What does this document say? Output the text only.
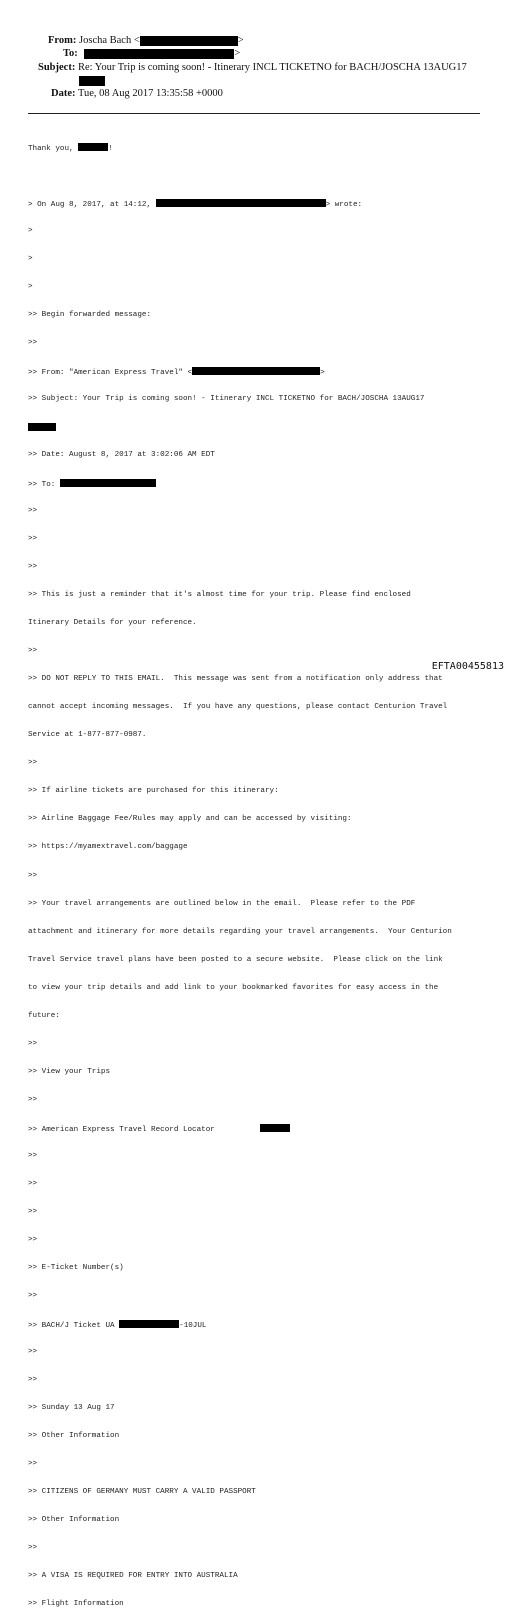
From: Joscha Bach <	>
To:	>
Subject: Re: Your Trip is coming soon! - Itinerary INCL TICKETNO for BACH/JOSCHA 13AUG17
Date: Tue, 08 Aug 2017 13:35:58 +0000

Thank you,	!

> On Aug 8, 2017, at 14:12,	> wrote:

>

>

>

>> Begin forwarded message:

>>

>> From: "American Express Travel" <	>

>> Subject: Your Trip is coming soon! - Itinerary INCL TICKETNO for BACH/JOSCHA 13AUG17

>> Date: August 8, 2017 at 3:02:06 AM EDT

>> To:

>>

>>

>>

>> This is just a reminder that it's almost time for your trip. Please find enclosed

Itinerary Details for your reference.

>>

>> DO NOT REPLY TO THIS EMAIL.  This message was sent from a notification only address that

cannot accept incoming messages.  If you have any questions, please contact Centurion Travel

Service at 1-877-877-0987.

>>

>> If airline tickets are purchased for this itinerary:

>> Airline Baggage Fee/Rules may apply and can be accessed by visiting:

>> https://myamextravel.com/baggage

>>

>> Your travel arrangements are outlined below in the email.  Please refer to the PDF

attachment and itinerary for more details regarding your travel arrangements.  Your Centurion

Travel Service travel plans have been posted to a secure website.  Please click on the link

to view your trip details and add link to your bookmarked favorites for easy access in the

future:

>>

>> View your Trips

>>

>> American Express Travel Record Locator

>>

>>

>>

>>

>> E-Ticket Number(s)

>>

>> BACH/J Ticket UA	-10JUL

>>

>>

>> Sunday 13 Aug 17

>> Other Information

>>

>> CITIZENS OF GERMANY MUST CARRY A VALID PASSPORT

>> Other Information

>>

>> A VISA IS REQUIRED FOR ENTRY INTO AUSTRALIA

>> Flight Information

EFTA00455813
